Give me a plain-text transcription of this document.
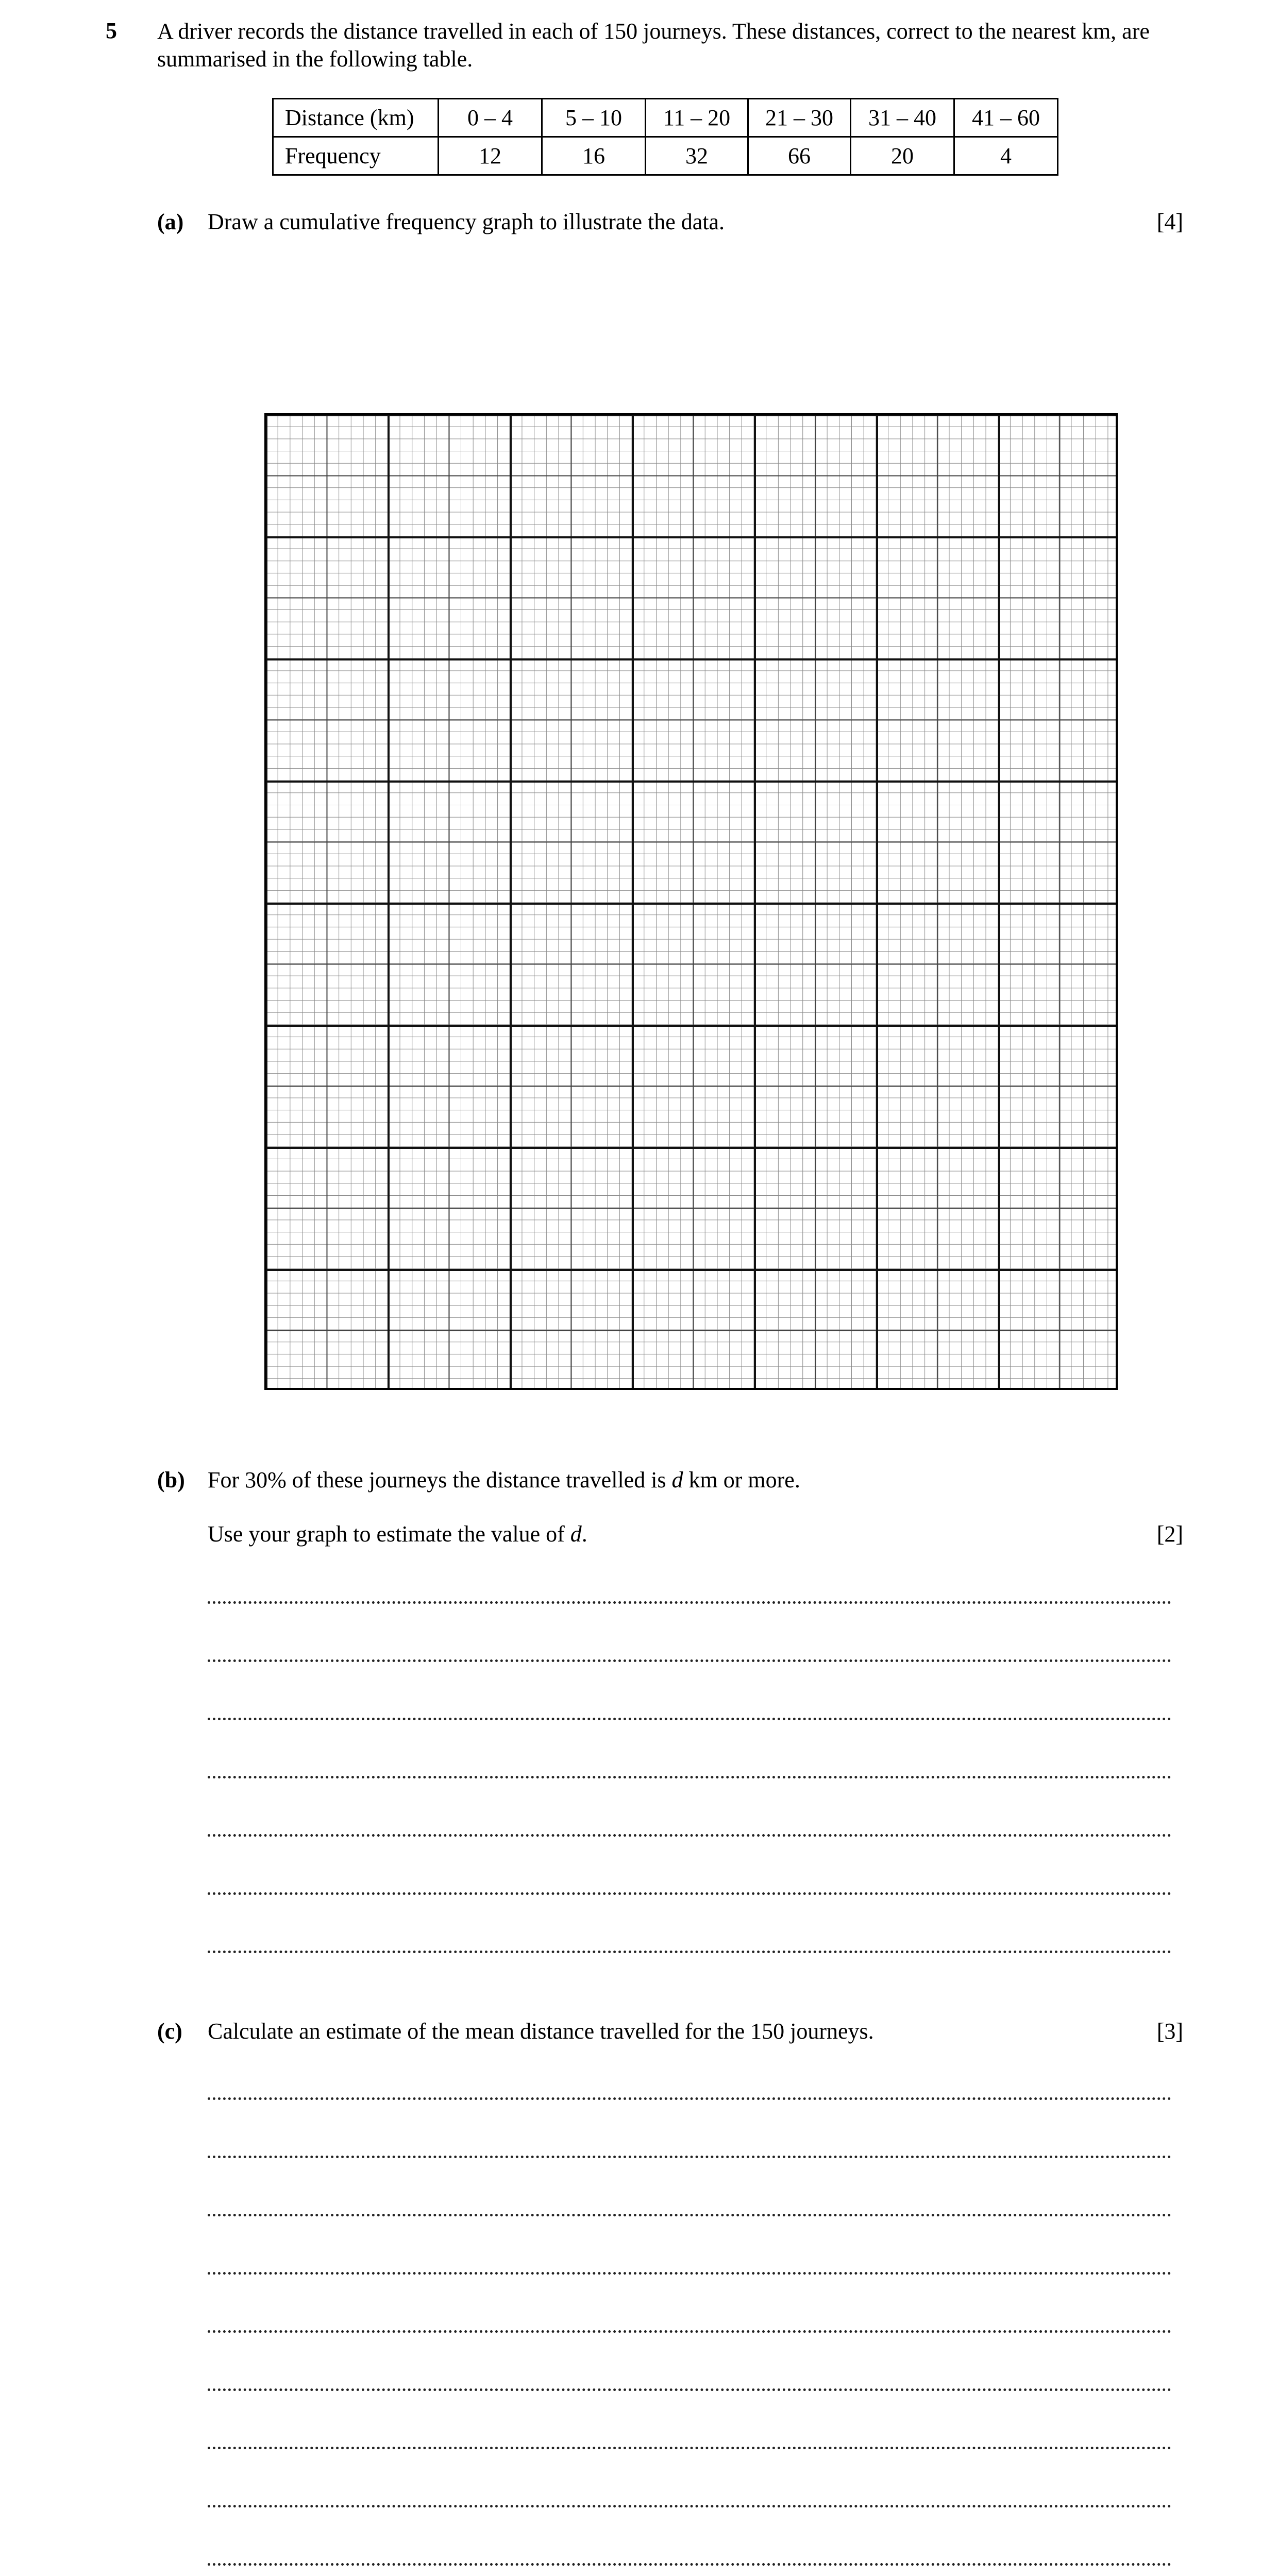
5 A driver records the distance travelled in each of 150 journeys. These distances, correct to the nearest km, are summarised in the following table.

Distance (km)	0 – 4	5 – 10	11 – 20	21 – 30	31 – 40	41 – 60
Frequency	12	16	32	66	20	4
(a) Draw a cumulative frequency graph to illustrate the data.	[4]
(b) For 30% of these journeys the distance travelled is d km or more.
Use your graph to estimate the value of d.	[2]
(c) Calculate an estimate of the mean distance travelled for the 150 journeys.	[3]
